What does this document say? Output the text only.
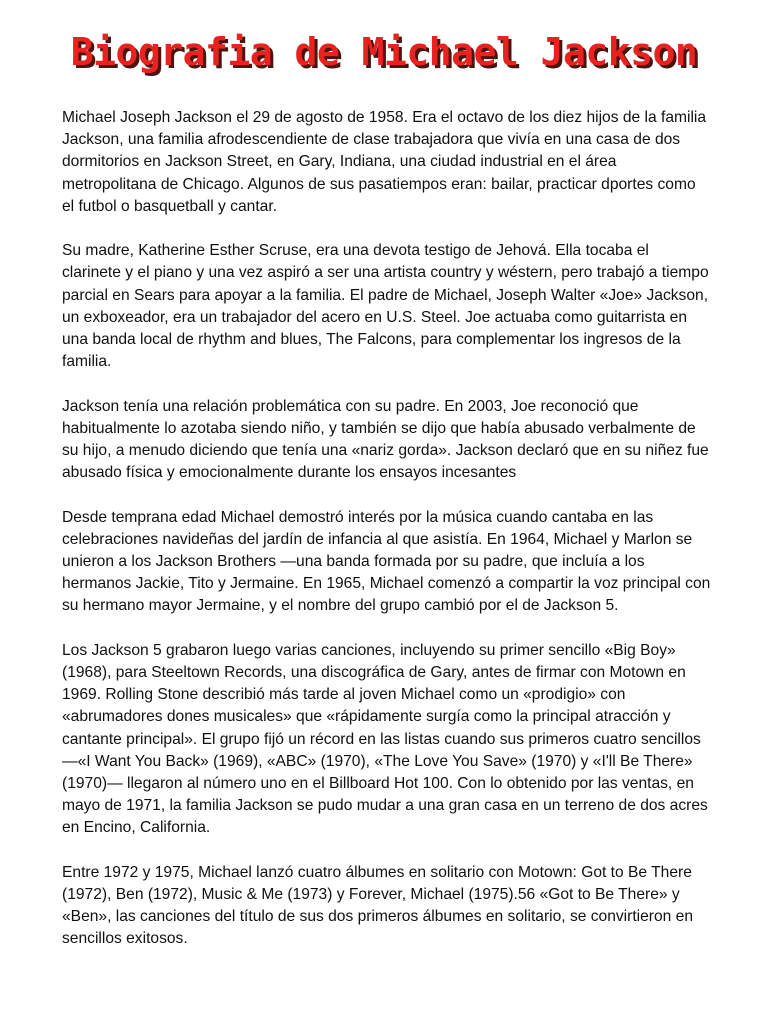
Biografia de Michael Jackson

Michael Joseph Jackson el 29 de agosto de 1958. Era el octavo de los diez hijos de la familia Jackson, una familia afrodescendiente de clase trabajadora que vivía en una casa de dos dormitorios en Jackson Street, en Gary, Indiana, una ciudad industrial en el área metropolitana de Chicago. Algunos de sus pasatiempos eran: bailar, practicar dportes como el futbol o basquetball y cantar.

Su madre, Katherine Esther Scruse, era una devota testigo de Jehová. Ella tocaba el clarinete y el piano y una vez aspiró a ser una artista country y wéstern, pero trabajó a tiempo parcial en Sears para apoyar a la familia. El padre de Michael, Joseph Walter «Joe» Jackson, un exboxeador, era un trabajador del acero en U.S. Steel. Joe actuaba como guitarrista en una banda local de rhythm and blues, The Falcons, para complementar los ingresos de la familia.

Jackson tenía una relación problemática con su padre. En 2003, Joe reconoció que habitualmente lo azotaba siendo niño, y también se dijo que había abusado verbalmente de su hijo, a menudo diciendo que tenía una «nariz gorda». Jackson declaró que en su niñez fue abusado física y emocionalmente durante los ensayos incesantes

Desde temprana edad Michael demostró interés por la música cuando cantaba en las celebraciones navideñas del jardín de infancia al que asistía. En 1964, Michael y Marlon se unieron a los Jackson Brothers —una banda formada por su padre, que incluía a los hermanos Jackie, Tito y Jermaine. En 1965, Michael comenzó a compartir la voz principal con su hermano mayor Jermaine, y el nombre del grupo cambió por el de Jackson 5.

Los Jackson 5 grabaron luego varias canciones, incluyendo su primer sencillo «Big Boy» (1968), para Steeltown Records, una discográfica de Gary, antes de firmar con Motown en 1969. Rolling Stone describió más tarde al joven Michael como un «prodigio» con «abrumadores dones musicales» que «rápidamente surgía como la principal atracción y cantante principal». El grupo fijó un récord en las listas cuando sus primeros cuatro sencillos —«I Want You Back» (1969), «ABC» (1970), «The Love You Save» (1970) y «I'll Be There» (1970)— llegaron al número uno en el Billboard Hot 100. Con lo obtenido por las ventas, en mayo de 1971, la familia Jackson se pudo mudar a una gran casa en un terreno de dos acres en Encino, California.

Entre 1972 y 1975, Michael lanzó cuatro álbumes en solitario con Motown: Got to Be There (1972), Ben (1972), Music & Me (1973) y Forever, Michael (1975).56 «Got to Be There» y «Ben», las canciones del título de sus dos primeros álbumes en solitario, se convirtieron en sencillos exitosos.
